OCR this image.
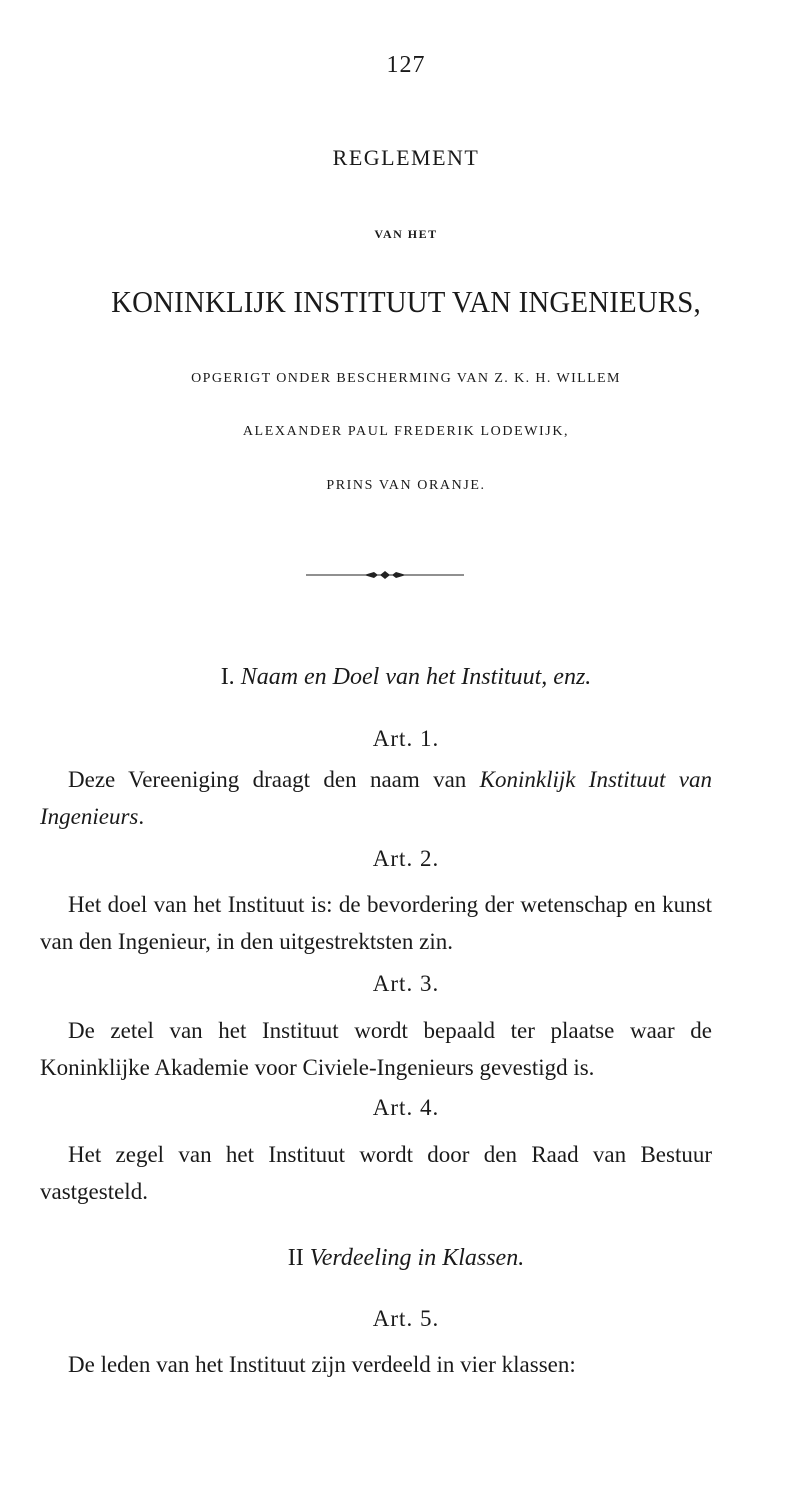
127
REGLEMENT
VAN HET
KONINKLIJK INSTITUUT VAN INGENIEURS,
OPGERIGT ONDER BESCHERMING VAN Z. K. H. WILLEM
ALEXANDER PAUL FREDERIK LODEWIJK,
PRINS VAN ORANJE.
I. Naam en Doel van het Instituut, enz.
Art. 1.
Deze Vereeniging draagt den naam van Koninklijk Instituut van Ingenieurs.
Art. 2.
Het doel van het Instituut is: de bevordering der wetenschap en kunst van den Ingenieur, in den uitgestrektsten zin.
Art. 3.
De zetel van het Instituut wordt bepaald ter plaatse waar de Koninklijke Akademie voor Civiele-Ingenieurs gevestigd is.
Art. 4.
Het zegel van het Instituut wordt door den Raad van Bestuur vastgesteld.
II Verdeeling in Klassen.
Art. 5.
De leden van het Instituut zijn verdeeld in vier klassen:
